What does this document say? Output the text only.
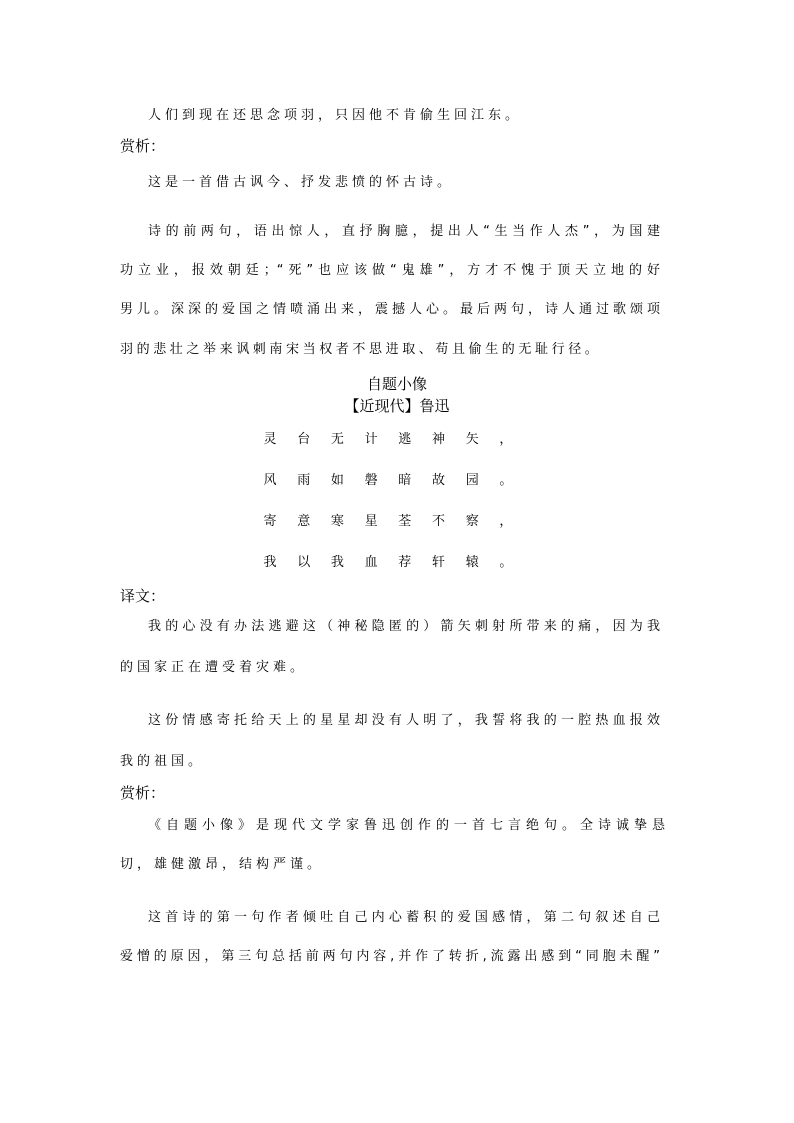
人们到现在还思念项羽，只因他不肯偷生回江东。
赏析：
这是一首借古讽今、抒发悲愤的怀古诗。
诗的前两句，语出惊人，直抒胸臆，提出人“生当作人杰”，为国建
功立业，报效朝廷；“死”也应该做“鬼雄”，方才不愧于顶天立地的好
男儿。深深的爱国之情喷涌出来，震撼人心。最后两句，诗人通过歌颂项
羽的悲壮之举来讽刺南宋当权者不思进取、苟且偷生的无耻行径。
自题小像
【近现代】鲁迅
灵 台 无 计 逃 神 矢 ，
风 雨 如 磐 暗 故 园 。
寄 意 寒 星 荃 不 察 ，
我 以 我 血 荐 轩 辕 。
译文：
我的心没有办法逃避这（神秘隐匿的）箭矢刺射所带来的痛，因为我
的国家正在遭受着灾难。
这份情感寄托给天上的星星却没有人明了，我誓将我的一腔热血报效
我的祖国。
赏析：
《自题小像》是现代文学家鲁迅创作的一首七言绝句。全诗诚挚恳
切，雄健激昂，结构严谨。
这首诗的第一句作者倾吐自己内心蓄积的爱国感情，第二句叙述自己
爱憎的原因，第三句总括前两句内容,并作了转折,流露出感到“同胞未醒”
